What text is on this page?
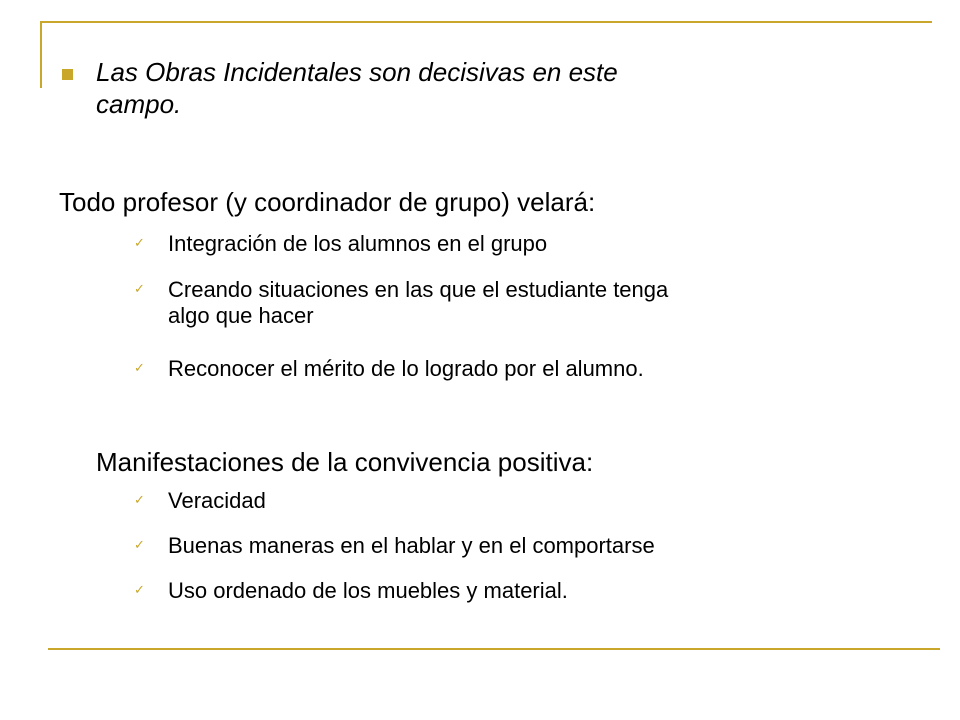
Las Obras Incidentales son decisivas en este
campo.
Todo profesor (y coordinador de grupo) velará:
✓ Integración de los alumnos en el grupo
✓ Creando situaciones en las que el estudiante tenga
algo que hacer
✓ Reconocer el mérito de lo logrado por el alumno.
Manifestaciones de la convivencia positiva:
✓ Veracidad
✓ Buenas maneras en el hablar y en el comportarse
✓ Uso ordenado de los muebles y material.
